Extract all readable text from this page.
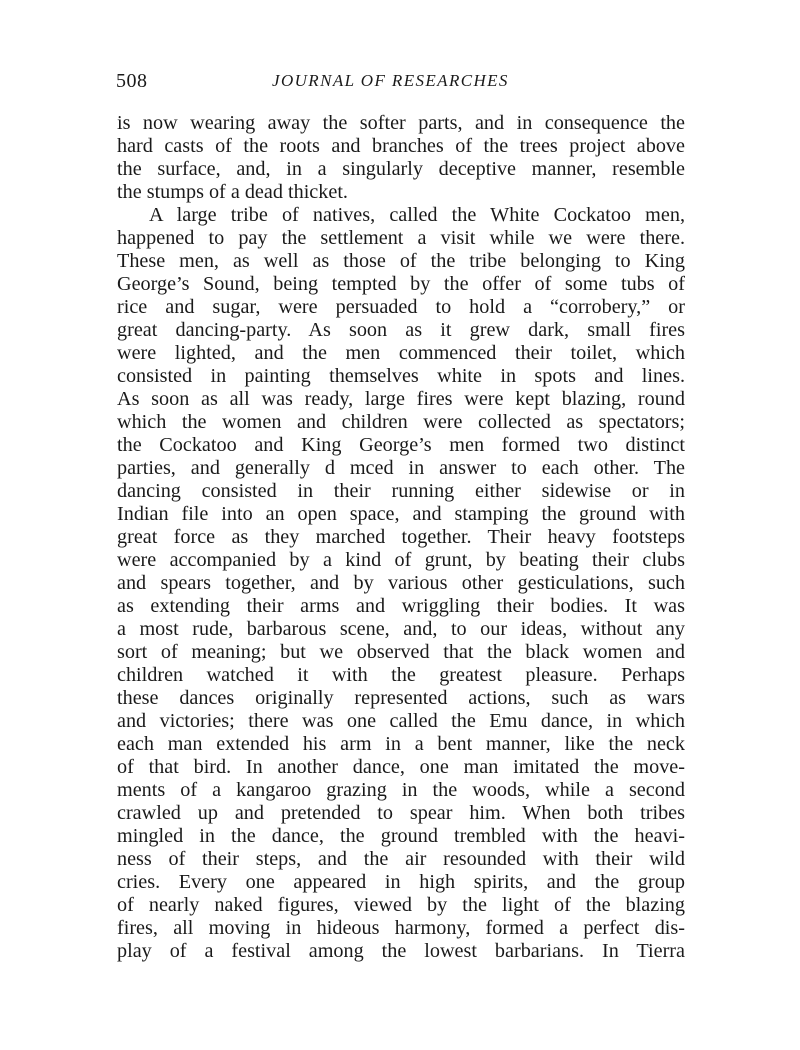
508	JOURNAL OF RESEARCHES
is now wearing away the softer parts, and in consequence the
hard casts of the roots and branches of the trees project above
the surface, and, in a singularly deceptive manner, resemble
the stumps of a dead thicket.
A large tribe of natives, called the White Cockatoo men,
happened to pay the settlement a visit while we were there.
These men, as well as those of the tribe belonging to King
George’s Sound, being tempted by the offer of some tubs of
rice and sugar, were persuaded to hold a “corrobery,” or
great dancing-party. As soon as it grew dark, small fires
were lighted, and the men commenced their toilet, which
consisted in painting themselves white in spots and lines.
As soon as all was ready, large fires were kept blazing, round
which the women and children were collected as spectators;
the Cockatoo and King George’s men formed two distinct
parties, and generally d mced in answer to each other. The
dancing consisted in their running either sidewise or in
Indian file into an open space, and stamping the ground with
great force as they marched together. Their heavy footsteps
were accompanied by a kind of grunt, by beating their clubs
and spears together, and by various other gesticulations, such
as extending their arms and wriggling their bodies. It was
a most rude, barbarous scene, and, to our ideas, without any
sort of meaning; but we observed that the black women and
children watched it with the greatest pleasure. Perhaps
these dances originally represented actions, such as wars
and victories; there was one called the Emu dance, in which
each man extended his arm in a bent manner, like the neck
of that bird. In another dance, one man imitated the move-
ments of a kangaroo grazing in the woods, while a second
crawled up and pretended to spear him. When both tribes
mingled in the dance, the ground trembled with the heavi-
ness of their steps, and the air resounded with their wild
cries. Every one appeared in high spirits, and the group
of nearly naked figures, viewed by the light of the blazing
fires, all moving in hideous harmony, formed a perfect dis-
play of a festival among the lowest barbarians. In Tierra
